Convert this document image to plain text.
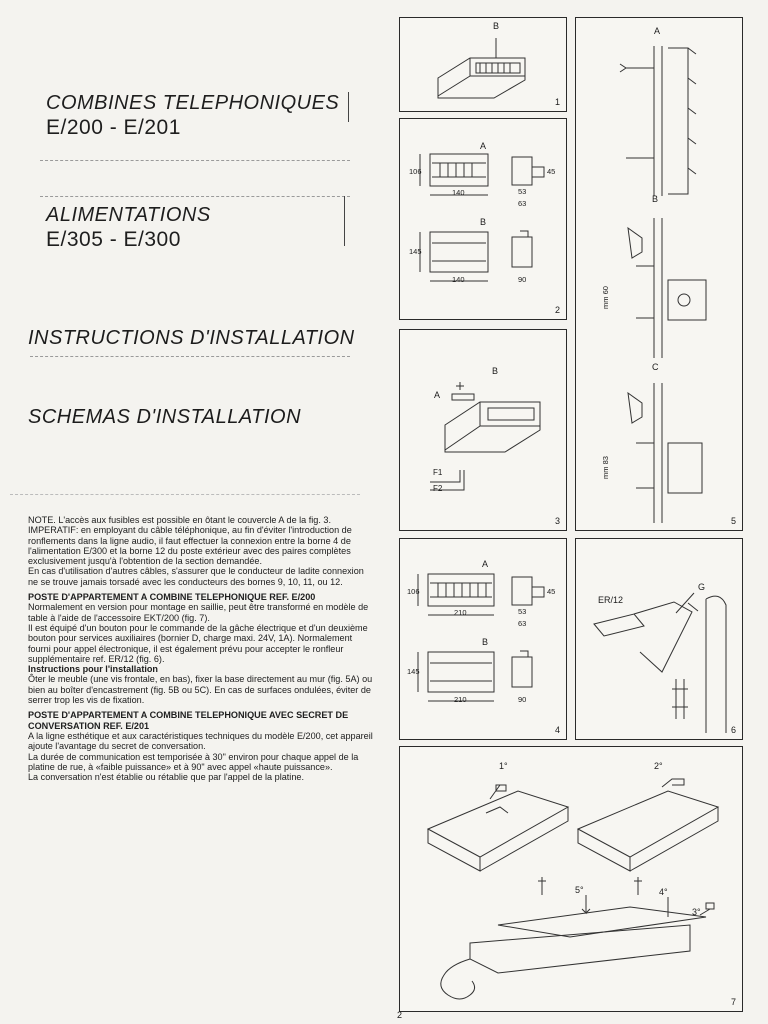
COMBINES TELEPHONIQUES
E/200 - E/201
ALIMENTATIONS
E/305 - E/300
INSTRUCTIONS D'INSTALLATION
SCHEMAS D'INSTALLATION

NOTE. L'accès aux fusibles est possible en ôtant le couvercle A de la fig. 3.

IMPERATIF: en employant du câble téléphonique, au fin d'éviter l'introduction de ronflements dans la ligne audio, il faut effectuer la connexion entre la borne 4 de l'alimentation E/300 et la borne 12 du poste extérieur avec des paires complètes exclusivement jusqu'à l'obtention de la section demandée.

En cas d'utilisation d'autres câbles, s'assurer que le conducteur de ladite connexion ne se trouve jamais torsadé avec les conducteurs des bornes 9, 10, 11, ou 12.

POSTE D'APPARTEMENT A COMBINE TELEPHONIQUE REF. E/200

Normalement en version pour montage en saillie, peut être transformé en modèle de table à l'aide de l'accessoire EKT/200 (fig. 7).

Il est équipé d'un bouton pour le commande de la gâche électrique et d'un deuxième bouton pour services auxiliaires (bornier D, charge maxi. 24V, 1A). Normalement fourni pour appel électronique, il est également prévu pour accepter le ronfleur supplémentaire ref. ER/12 (fig. 6).

Instructions pour l'installation

Ôter le meuble (une vis frontale, en bas), fixer la base directement au mur (fig. 5A) ou bien au boîter d'encastrement (fig. 5B ou 5C). En cas de surfaces ondulées, éviter de serrer trop les vis de fixation.

POSTE D'APPARTEMENT A COMBINE TELEPHONIQUE AVEC SECRET DE CONVERSATION REF. E/201

A la ligne esthétique et aux caractéristiques techniques du modèle E/200, cet appareil ajoute l'avantage du secret de conversation.

La durée de communication est temporisée à 30" environ pour chaque appel de la platine de rue, à «faible puissance» et à 90" avec appel «haute puissance».

La conversation n'est établie ou rétablie que par l'appel de la platine.

B
1
A
B
106
140	53
63
45
145
140	90
2
A
B
F1
F2
3
A
B
106
210	53
63
45
145
210	90
4
A
B
C
mm 60
mm 83
5
ER/12
G
6
1°	2°
3°
4°
5°
7
2
